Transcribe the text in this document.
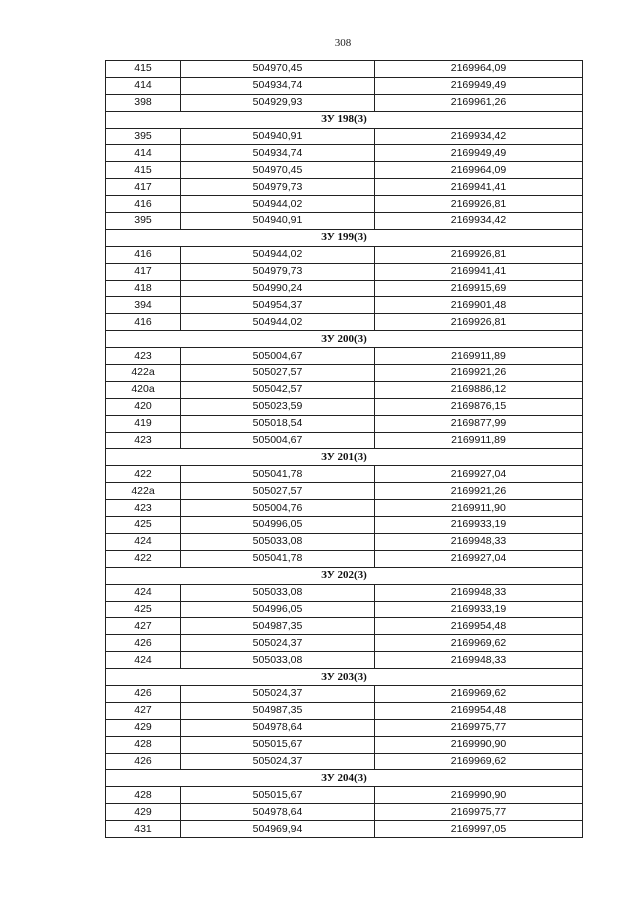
308
415	504970,45	2169964,09
414	504934,74	2169949,49
398	504929,93	2169961,26
ЗУ 198(3)		
395	504940,91	2169934,42
414	504934,74	2169949,49
415	504970,45	2169964,09
417	504979,73	2169941,41
416	504944,02	2169926,81
395	504940,91	2169934,42
ЗУ 199(3)		
416	504944,02	2169926,81
417	504979,73	2169941,41
418	504990,24	2169915,69
394	504954,37	2169901,48
416	504944,02	2169926,81
ЗУ 200(3)		
423	505004,67	2169911,89
422а	505027,57	2169921,26
420а	505042,57	2169886,12
420	505023,59	2169876,15
419	505018,54	2169877,99
423	505004,67	2169911,89
ЗУ 201(3)		
422	505041,78	2169927,04
422а	505027,57	2169921,26
423	505004,76	2169911,90
425	504996,05	2169933,19
424	505033,08	2169948,33
422	505041,78	2169927,04
ЗУ 202(3)		
424	505033,08	2169948,33
425	504996,05	2169933,19
427	504987,35	2169954,48
426	505024,37	2169969,62
424	505033,08	2169948,33
ЗУ 203(3)		
426	505024,37	2169969,62
427	504987,35	2169954,48
429	504978,64	2169975,77
428	505015,67	2169990,90
426	505024,37	2169969,62
ЗУ 204(3)		
428	505015,67	2169990,90
429	504978,64	2169975,77
431	504969,94	2169997,05
